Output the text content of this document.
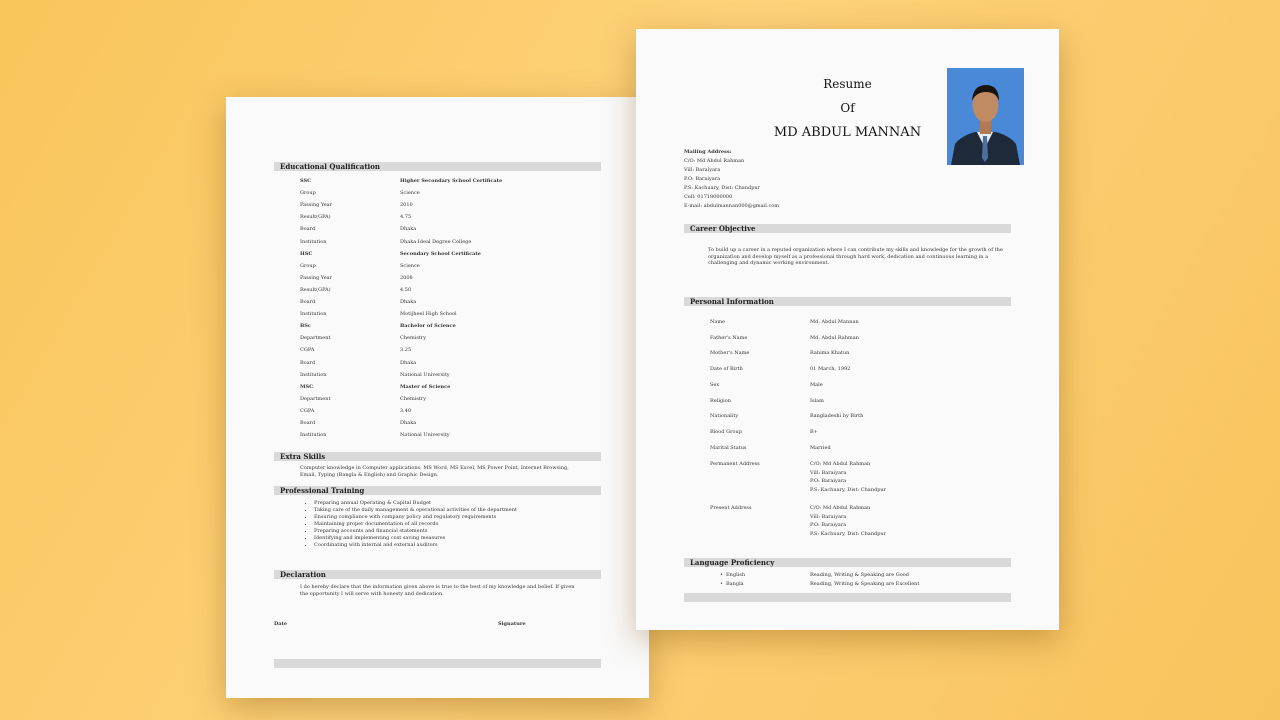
Educational Qualification
SSC	Higher Secondary School Certificate
Group	Science
Passing Year	2010
Result(GPA)	4.75
Board	Dhaka
Institution	Dhaka Ideal Degree College
HSC	Secondary School Certificate
Group	Science
Passing Year	2008
Result(GPA)	4.50
Board	Dhaka
Institution	Motijheel High School
BSc	Bachelor of Science
Department	Chemistry
CGPA	3.25
Board	Dhaka
Institution	National University
MSC	Master of Science
Department	Chemistry
CGPA	3.40
Board	Dhaka
Institution	National University
Extra Skills
Computer knowledge in Computer applications, MS Word, MS Excel, MS Power Point, Internet Browsing, Email, Typing (Bangla & English) and Graphic Design.
Professional Training
• Preparing annual Operating & Capital Budget
• Taking care of the daily management & operational activities of the department
• Ensuring compliance with company policy and regulatory requirements
• Maintaining proper documentation of all records
• Preparing accounts and financial statements
• Identifying and implementing cost saving measures
• Coordinating with internal and external auditors
Declaration
I do hereby declare that the information given above is true to the best of my knowledge and belief. If given the opportunity I will serve with honesty and dedication.
Date	Signature
Resume
Of
MD ABDUL MANNAN
Mailing Address:
C/O: Md Abdul Rahman
Vill: Baraiyara
P.O: Baraiyara
P.S: Kachuary, Dist: Chandpur
Cell: 01718000000
E-mail: abdulmannan000@gmail.com
Career Objective
To build up a career in a reputed organization where I can contribute my skills and knowledge for the growth of the organization and develop myself as a professional through hard work, dedication and continuous learning in a challenging and dynamic working environment.
Personal Information
Name	Md. Abdul Mannan
Father's Name	Md. Abdul Rahman
Mother's Name	Rahima Khatun
Date of Birth	01 March, 1992
Sex	Male
Religion	Islam
Nationality	Bangladeshi by Birth
Blood Group	B+
Marital Status	Married
Permanent Address	C/O: Md Abdul Rahman
Vill: Baraiyara
P.O: Baraiyara
P.S: Kachuary, Dist: Chandpur
Present Address	C/O: Md Abdul Rahman
Vill: Baraiyara
P.O: Baraiyara
P.S: Kachuary, Dist: Chandpur
Language Proficiency
English	Reading, Writing & Speaking are Good
•
Bangla	Reading, Writing & Speaking are Excellent
•
